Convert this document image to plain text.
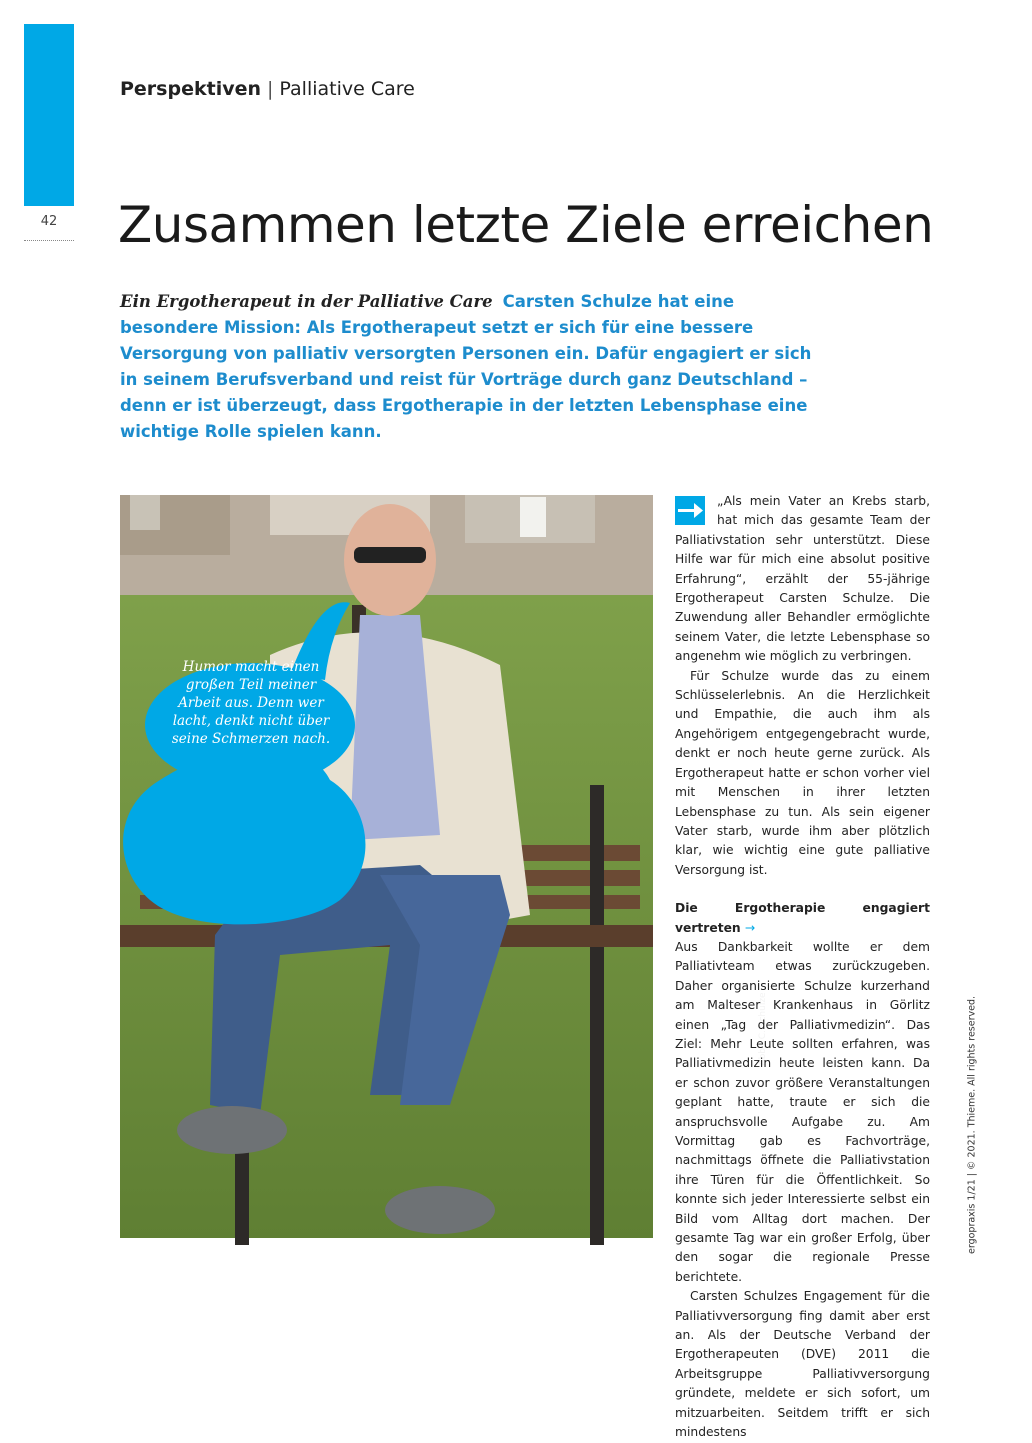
42
Perspektiven | Palliative Care
Zusammen letzte Ziele erreichen
Ein Ergotherapeut in der Palliative Care Carsten Schulze hat eine besondere Mission: Als Ergotherapeut setzt er sich für eine bessere Versorgung von palliativ versorgten Personen ein. Dafür engagiert er sich in seinem Berufsverband und reist für Vorträge durch ganz Deutschland – denn er ist überzeugt, dass Ergotherapie in der letzten Lebensphase eine wichtige Rolle spielen kann.
Abb.: C. Schulze
Humor macht einen großen Teil meiner Arbeit aus. Denn wer lacht, denkt nicht über seine Schmerzen nach.

„Als mein Vater an Krebs starb, hat mich das gesamte Team der Palliativstation sehr unterstützt. Diese Hilfe war für mich eine absolut positive Erfahrung“, erzählt der 55-jährige Ergotherapeut Carsten Schulze. Die Zuwendung aller Behandler ermöglichte seinem Vater, die letzte Lebensphase so angenehm wie möglich zu verbringen.

Für Schulze wurde das zu einem Schlüsselerlebnis. An die Herzlichkeit und Empathie, die auch ihm als Angehörigem entgegengebracht wurde, denkt er noch heute gerne zurück. Als Ergotherapeut hatte er schon vorher viel mit Menschen in ihrer letzten Lebensphase zu tun. Als sein eigener Vater starb, wurde ihm aber plötzlich klar, wie wichtig eine gute palliative Versorgung ist.

Die Ergotherapie engagiert vertreten →

Aus Dankbarkeit wollte er dem Palliativteam etwas zurückzugeben. Daher organisierte Schulze kurzerhand am Malteser Krankenhaus in Görlitz einen „Tag der Palliativmedizin“. Das Ziel: Mehr Leute sollten erfahren, was Palliativmedizin heute leisten kann. Da er schon zuvor größere Veranstaltungen geplant hatte, traute er sich die anspruchsvolle Aufgabe zu. Am Vormittag gab es Fachvorträge, nachmittags öffnete die Palliativstation ihre Türen für die Öffentlichkeit. So konnte sich jeder Interessierte selbst ein Bild vom Alltag dort machen. Der gesamte Tag war ein großer Erfolg, über den sogar die regionale Presse berichtete.

Carsten Schulzes Engagement für die Palliativversorgung fing damit aber erst an. Als der Deutsche Verband der Ergotherapeuten (DVE) 2011 die Arbeitsgruppe Palliativversorgung gründete, meldete er sich sofort, um mitzuarbeiten. Seitdem trifft er sich mindestens

ergopraxis 1/21 | © 2021. Thieme. All rights reserved.
